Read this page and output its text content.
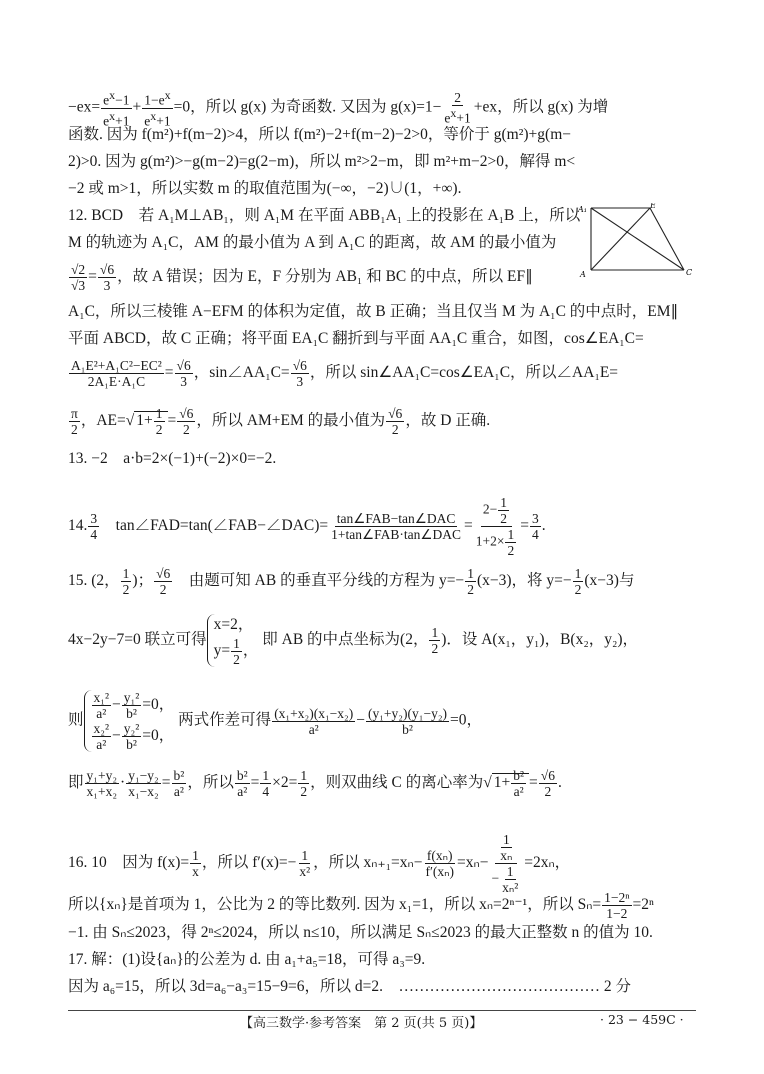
$-ex= \frac{e^x-1}{e^x+1} + \frac{1-e^x}{e^x+1} =0$，所以 g(x) 为奇函数. 又因为 $g(x)=1- \frac{2}{e^x+1} +ex$，所以 g(x) 为增
函数. 因为 f(m²)+f(m−2)>4，所以 f(m²)−2+f(m−2)−2>0，等价于 g(m²)+g(m−
2)>0. 因为 g(m²)>−g(m−2)=g(2−m)，所以 m²>2−m，即 m²+m−2>0，解得 m<
−2 或 m>1，所以实数 m 的取值范围为(−∞，−2)∪(1，+∞).
12. BCD　若 A₁M⊥AB₁，则 A₁M 在平面 ABB₁A₁ 上的投影在 A₁B 上，所以
M 的轨迹为 A₁C，AM 的最小值为 A 到 A₁C 的距离，故 AM 的最小值为
$\frac{√2}{√3} = \frac{√6}{3}$ ，故 A 错误；因为 E，F 分别为 AB₁ 和 BC 的中点，所以 EF∥
A₁C，所以三棱锥 A−EFM 的体积为定值，故 B 正确；当且仅当 M 为 A₁C 的中点时，EM∥
平面 ABCD，故 C 正确；将平面 EA₁C 翻折到与平面 AA₁C 重合，如图，cos∠EA₁C=
$\frac{\text{A₁E²+A₁C²−EC²}}{\text{2A₁E·A₁C}} = \frac{√6}{3}$ ，sin∠AA₁C= $\frac{√6}{3}$ ，所以 sin∠AA₁C=cos∠EA₁C，所以∠AA₁E=
$\frac{\pi}{2}$ ，AE=√ $1+ \frac{1}{2} = \frac{√6}{2}$ ，所以 AM+EM 的最小值为 $\frac{√6}{2}$ ，故 D 正确.
A₁	E
A	C
13. −2　a·b=2×(−1)+(−2)×0=−2.
14. $\frac{3}{4}$
　 tan∠FAD=tan(∠FAB−∠DAC)= $\frac{\text{tan∠FAB−tan∠DAC}}{\text{1+tan∠FAB·tan∠DAC}} = \frac{2- \frac{1}{2}}{1+2\times \frac{1}{2}} = \frac{3}{4}$ .
15. (2， $\frac{1}{2}$ )； $\frac{√6}{2}$
　 由题可知 AB 的垂直平分线的方程为 $y=- \frac{1}{2} (x-3)$，将 $y=- \frac{1}{2} (x-3)$与
4x−2y−7=0 联立可得
x=2，
$y= \frac{1}{2}$ ，
即 AB 的中点坐标为(2， $\frac{1}{2}$ )．设 A(x₁，y₁)，B(x₂，y₂)，
则 $\frac{\text{x₁²}}{\text{a²}} - \frac{\text{y₁²}}{\text{b²}} =0$，
$\frac{\text{x₂²}}{\text{a²}} - \frac{\text{y₂²}}{\text{b²}} =0$，
两式作差可得 $\frac{\text{(x₁+x₂)(x₁−x₂)}}{\text{a²}} - \frac{\text{(y₁+y₂)(y₁−y₂)}}{\text{b²}} =0$，
即 $\frac{\text{y₁+y₂}}{\text{x₁+x₂}} \cdot \frac{\text{y₁−y₂}}{\text{x₁−x₂}} = \frac{\text{b²}}{\text{a²}}$ ，所以 $\frac{\text{b²}}{\text{a²}} = \frac{1}{4} \times 2= \frac{1}{2}$ ，则双曲线 C 的离心率为√ $1+ \frac{\text{b²}}{\text{a²}} = \frac{√6}{2}$ .
16. 10　因为 $f(x)= \frac{1}{x}$ ，所以 $f'(x)=- \frac{1}{\text{x²}}$ ，所以 $x_{n+1}=x_n- \frac{\text{f(xₙ)}}{\text{f′(xₙ)}} =x_n- \frac{\frac{1}{\text{xₙ}}}{- \frac{1}{\text{xₙ²}}} =2x_n$，
所以{xₙ}是首项为 1，公比为 2 的等比数列. 因为 x₁=1，所以 xₙ=2ⁿ⁻¹，所以 $S_n= \frac{\text{1−2ⁿ}}{1-2} =2^n$
−1. 由 Sₙ≤2023，得 2ⁿ≤2024，所以 n≤10，所以满足 Sₙ≤2023 的最大正整数 n 的值为 10.
17. 解：(1)设{aₙ}的公差为 d. 由 a₁+a₅=18，可得 a₃=9.
因为 a₆=15，所以 3d=a₆−a₃=15−9=6，所以 d=2.　………………………………… 2 分
【高三数学·参考答案　第 2 页(共 5 页)】	· 23 − 459C ·
